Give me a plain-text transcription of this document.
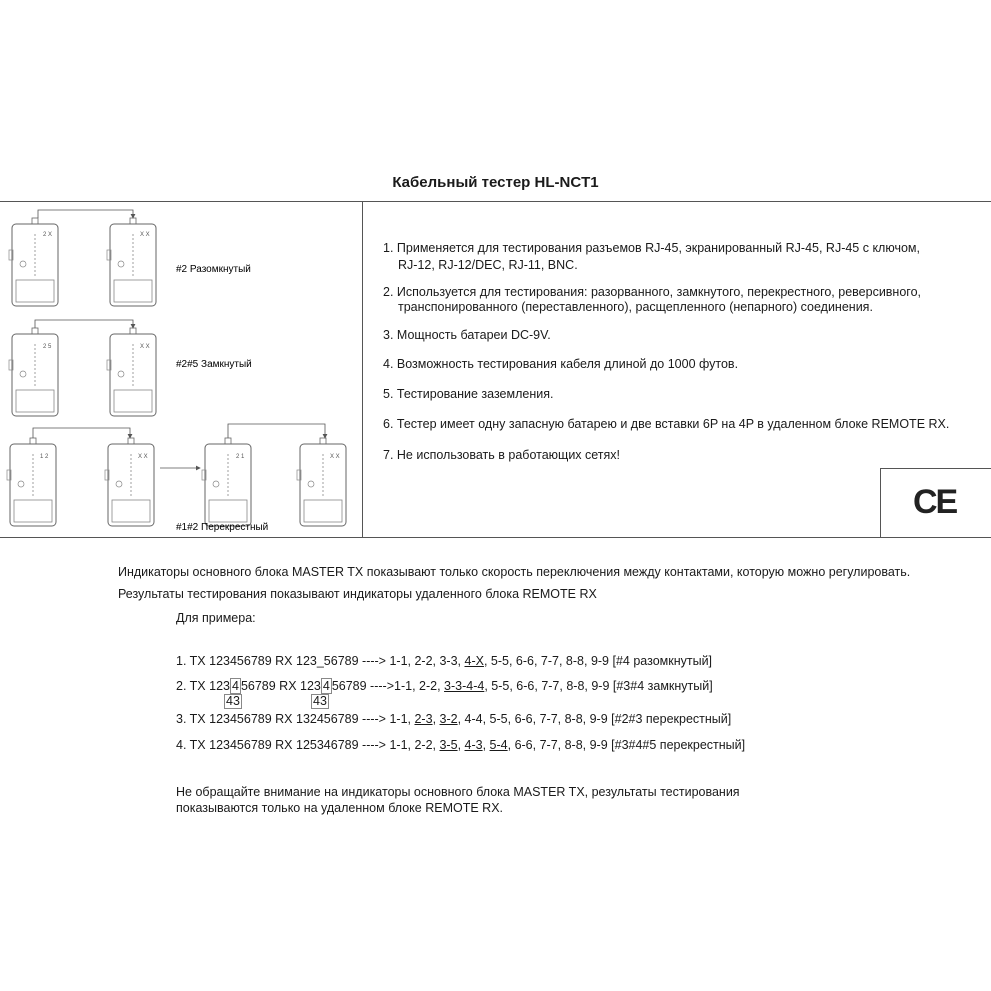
Кабельный тестер HL-NCT1
2 X	X X
#2 Разомкнутый
2 5	X X
#2#5 Замкнутый
1 2	X X	2 1	X X
#1#2 Перекрестный
1. Применяется для тестирования разъемов RJ-45, экранированный RJ-45, RJ-45 с ключом,
RJ-12, RJ-12/DEC, RJ-11, BNC.
2. Используется для тестирования: разорванного, замкнутого, перекрестного, реверсивного,
транспонированного (переставленного), расщепленного (непарного) соединения.
3. Мощность батареи DC-9V.
4. Возможность тестирования кабеля длиной до 1000 футов.
5. Тестирование заземления.
6. Тестер имеет одну запасную батарею и две вставки 6P на 4P в удаленном блоке REMOTE RX.
7. Не использовать в работающих сетях!
CE
Индикаторы основного блока MASTER TX показывают только скорость переключения между контактами, которую можно регулировать.
Результаты тестирования показывают индикаторы удаленного блока REMOTE RX
Для примера:
1. TX 123456789 RX 123_56789 ----> 1-1, 2-2, 3-3, 4-X, 5-5, 6-6, 7-7, 8-8, 9-9 [#4 разомкнутый]
2. TX 123 4 56789 RX 123 4 56789 ---->1-1, 2-2, 3-3-4-4, 5-5, 6-6, 7-7, 8-8, 9-9 [#3#4 замкнутый]
43	43
3. TX 123456789 RX 132456789 ----> 1-1, 2-3, 3-2, 4-4, 5-5, 6-6, 7-7, 8-8, 9-9 [#2#3 перекрестный]
4. TX 123456789 RX 125346789 ----> 1-1, 2-2, 3-5, 4-3, 5-4, 6-6, 7-7, 8-8, 9-9 [#3#4#5 перекрестный]
Не обращайте внимание на индикаторы основного блока MASTER TX, результаты тестирования
показываются только на удаленном блоке REMOTE RX.
